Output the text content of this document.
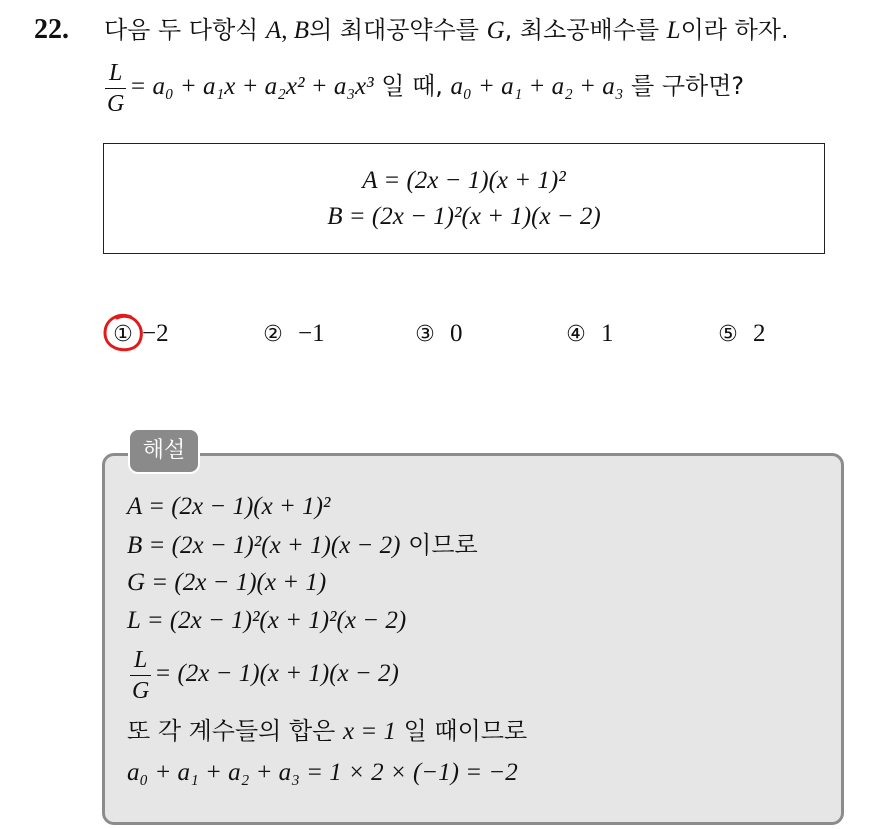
22. 다음 두 다항식 A, B의 최대공약수를 G, 최소공배수를 L이라 하자.
$\frac{L}{G} = a_0 + a_1x + a_2x^2 + a_3x^3$ 일 때, a₀ + a₁ + a₂ + a₃ 를 구하면?
A = (2x − 1)(x + 1)²
B = (2x − 1)²(x + 1)(x − 2)
① −2	② −1	③ 0	④ 1	⑤ 2
해설
A = (2x − 1)(x + 1)²
B = (2x − 1)²(x + 1)(x − 2) 이므로
G = (2x − 1)(x + 1)
L = (2x − 1)²(x + 1)²(x − 2)
$\frac{L}{G} = (2x - 1)(x + 1)(x - 2)$
또 각 계수들의 합은 x = 1 일 때이므로
a₀ + a₁ + a₂ + a₃ = 1 × 2 × (−1) = −2
